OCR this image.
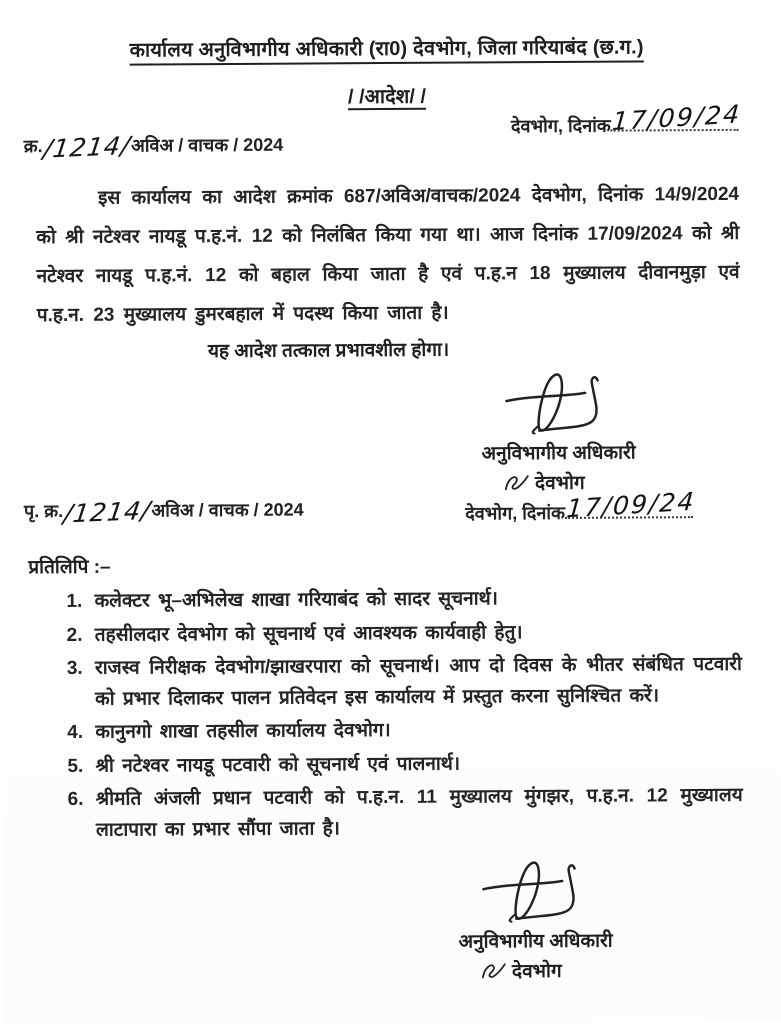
कार्यालय अनुविभागीय अधिकारी (रा0) देवभोग, जिला गरियाबंद (छ.ग.)
/ /आदेश/ /
क्र./1214/अविअ / वाचक / 2024
देवभोग, दिनांक 17/09/24

इस कार्यालय का आदेश क्रमांक 687/अविअ/वाचक/2024 देवभोग, दिनांक 14/9/2024 को श्री नटेश्वर नायडू प.ह.नं. 12 को निलंबित किया गया था। आज दिनांक 17/09/2024 को श्री नटेश्वर नायडू प.ह.नं. 12 को बहाल किया जाता है एवं प.ह.न 18 मुख्यालय दीवानमुड़ा एवं प.ह.न. 23 मुख्यालय डुमरबहाल में पदस्थ किया जाता है।

यह आदेश तत्काल प्रभावशील होगा।
अनुविभागीय अधिकारी
देवभोग
देवभोग, दिनांक 17/09/24
पृ. क्र./1214/अविअ / वाचक / 2024
प्रतिलिपि :–
1. कलेक्टर भू–अभिलेख शाखा गरियाबंद को सादर सूचनार्थ।
2. तहसीलदार देवभोग को सूचनार्थ एवं आवश्यक कार्यवाही हेतु।
3. राजस्व निरीक्षक देवभोग/झाखरपारा को सूचनार्थ। आप दो दिवस के भीतर संबंधित पटवारी को प्रभार दिलाकर पालन प्रतिवेदन इस कार्यालय में प्रस्तुत करना सुनिश्चित करें।
4. कानुनगो शाखा तहसील कार्यालय देवभोग।
5. श्री नटेश्वर नायडू पटवारी को सूचनार्थ एवं पालनार्थ।
6. श्रीमति अंजली प्रधान पटवारी को प.ह.न. 11 मुख्यालय मुंगझर, प.ह.न. 12 मुख्यालय लाटापारा का प्रभार सौंपा जाता है।
अनुविभागीय अधिकारी
देवभोग
